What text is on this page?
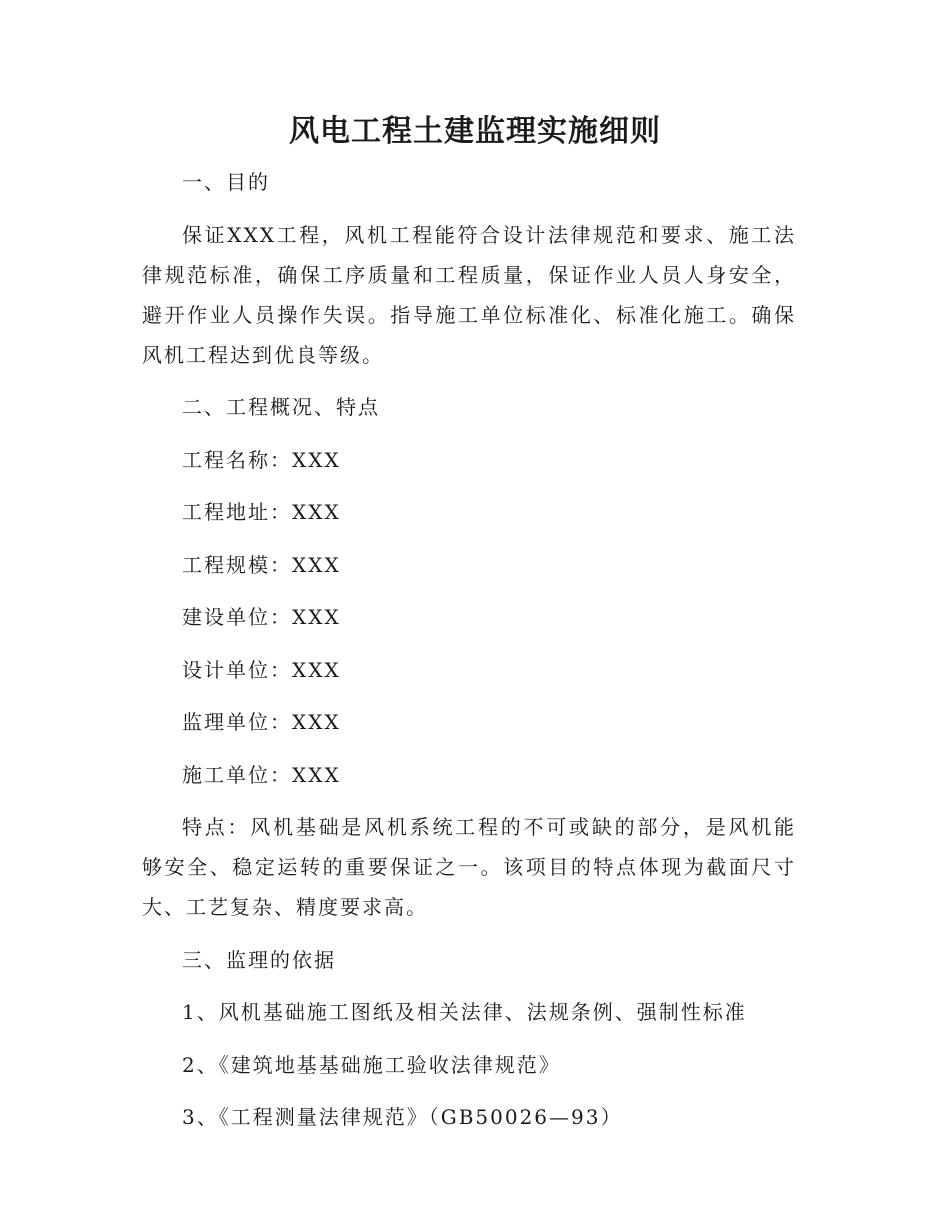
风电工程土建监理实施细则

一、目的

保证XXX工程，风机工程能符合设计法律规范和要求、施工法律规范标准，确保工序质量和工程质量，保证作业人员人身安全，避开作业人员操作失误。指导施工单位标准化、标准化施工。确保风机工程达到优良等级。

二、工程概况、特点

工程名称：XXX

工程地址：XXX

工程规模：XXX

建设单位：XXX

设计单位：XXX

监理单位：XXX

施工单位：XXX

特点：风机基础是风机系统工程的不可或缺的部分，是风机能够安全、稳定运转的重要保证之一。该项目的特点体现为截面尺寸大、工艺复杂、精度要求高。

三、监理的依据

1、风机基础施工图纸及相关法律、法规条例、强制性标准

2、《建筑地基基础施工验收法律规范》

3、《工程测量法律规范》（GB50026—93）
